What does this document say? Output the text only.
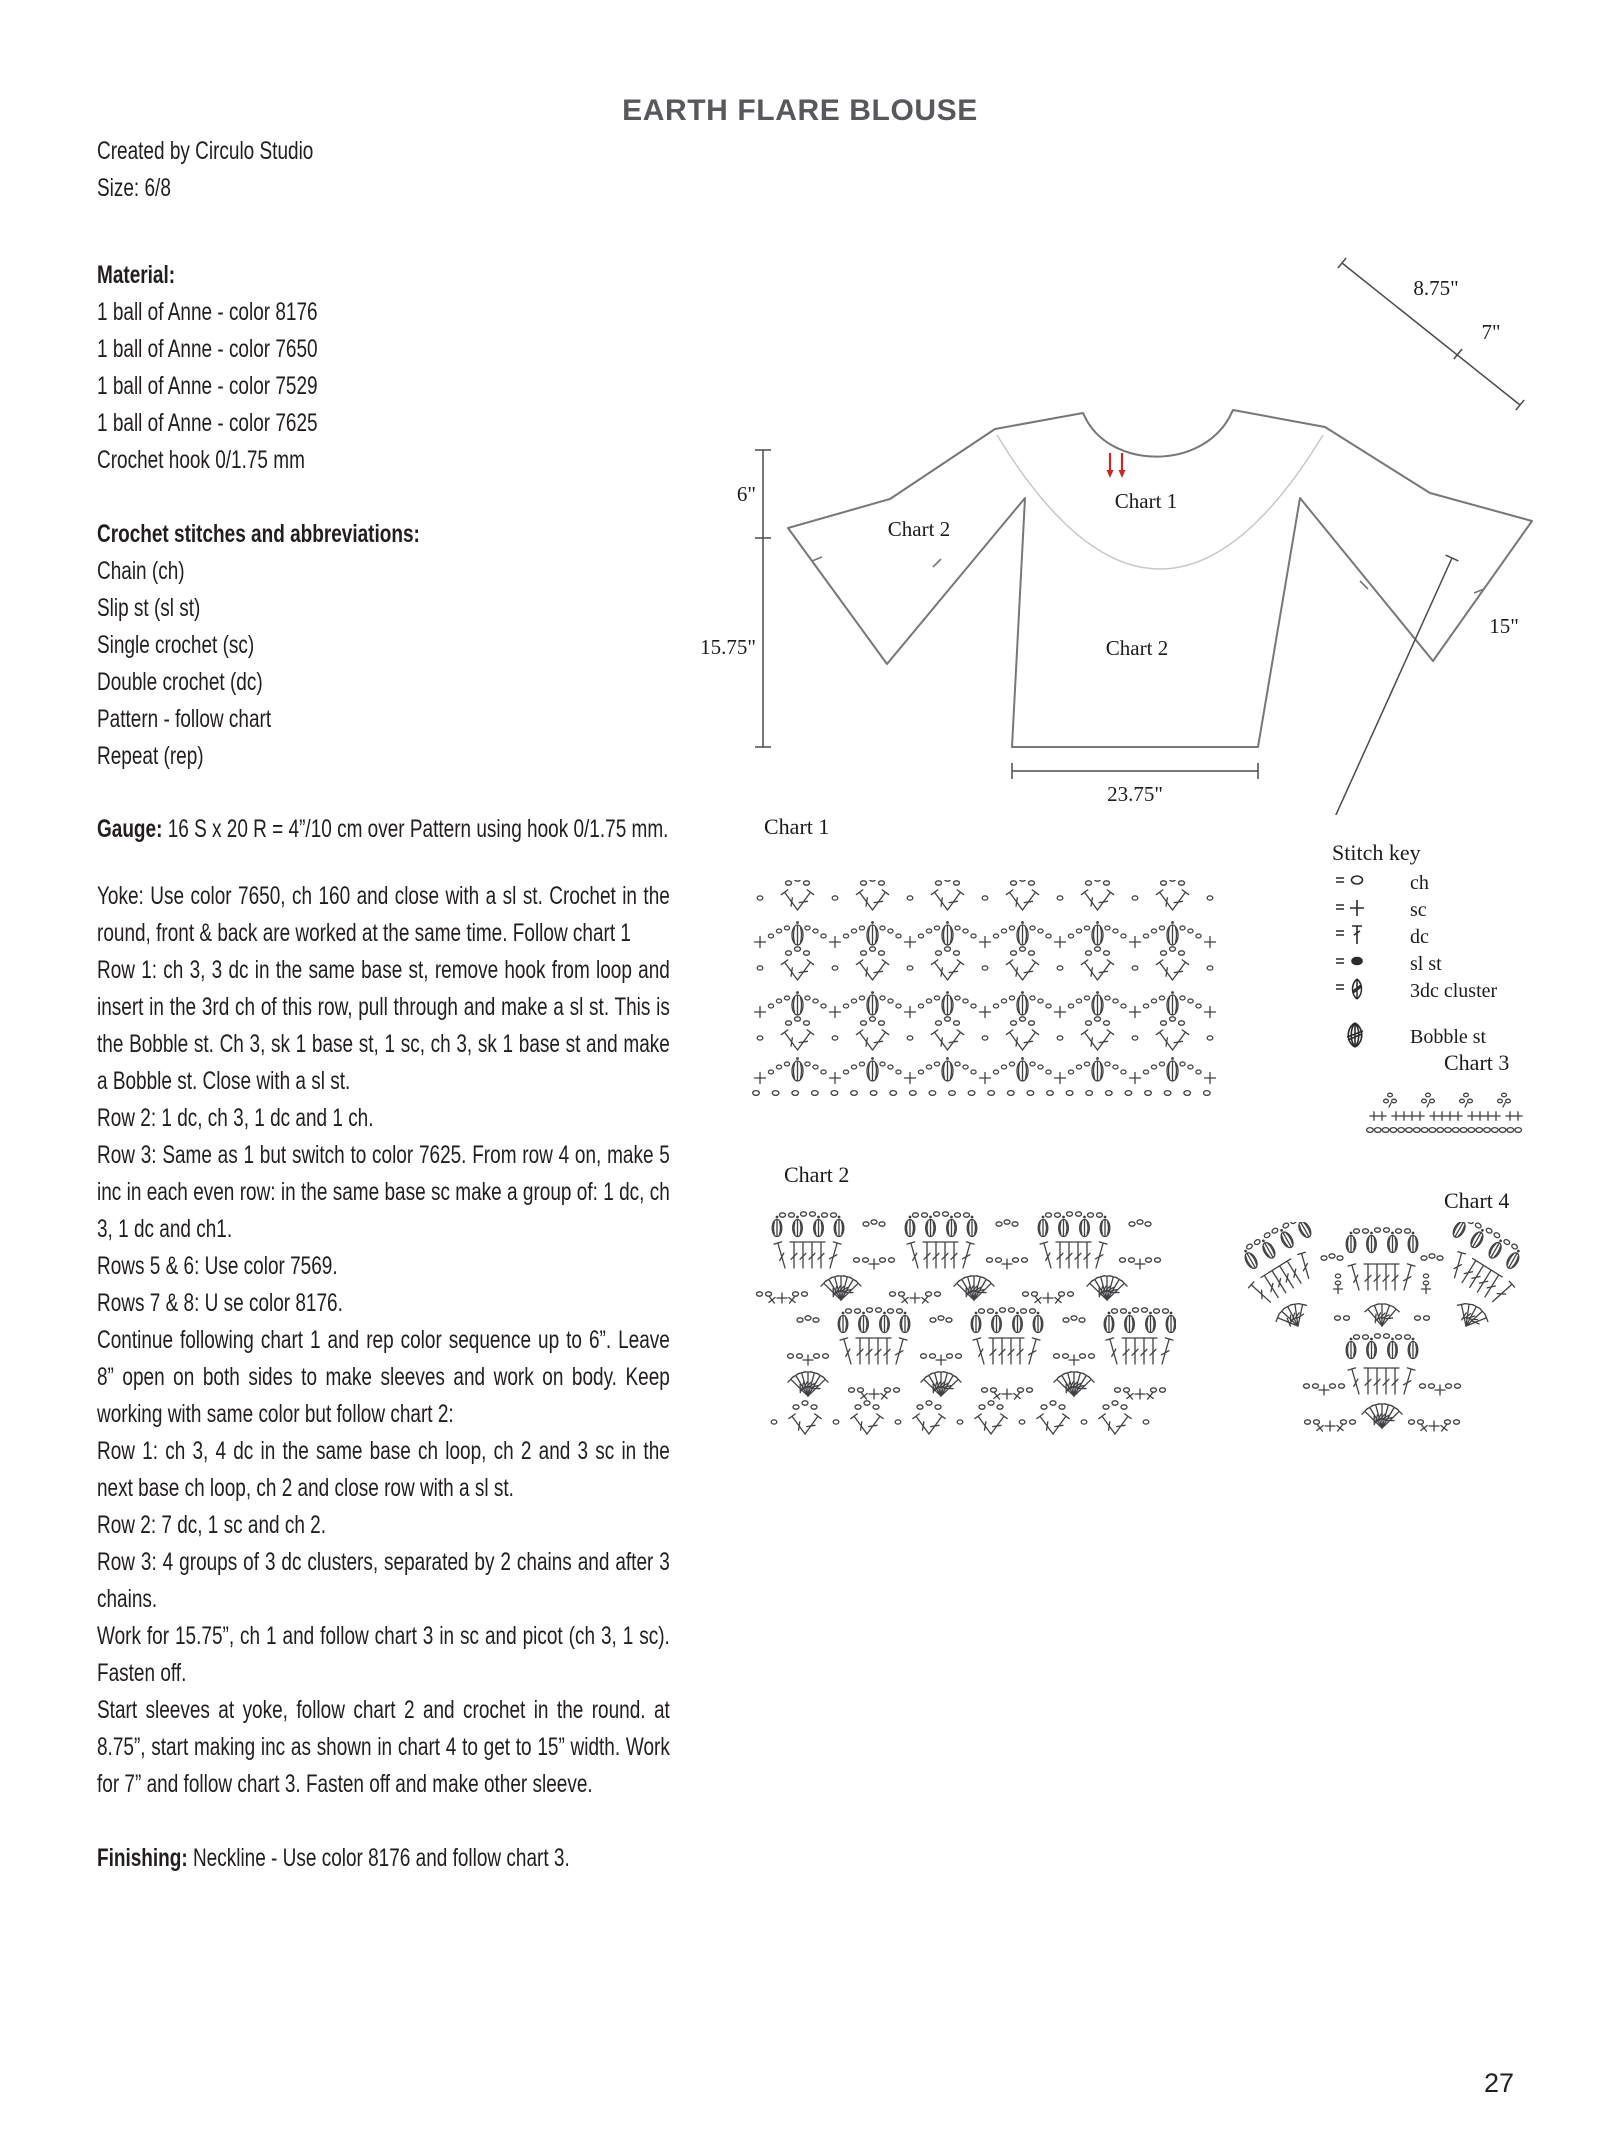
EARTH FLARE BLOUSE

Created by Circulo Studio

Size: 6/8

Material:

1 ball of Anne - color 8176

1 ball of Anne - color 7650

1 ball of Anne - color 7529

1 ball of Anne - color 7625

Crochet hook 0/1.75 mm

Crochet stitches and abbreviations:

Chain (ch)

Slip st (sl st)

Single crochet (sc)

Double crochet (dc)

Pattern - follow chart

Repeat (rep)

Gauge: 16 S x 20 R = 4”/10 cm over Pattern using hook 0/1.75 mm.

Yoke: Use color 7650, ch 160 and close with a sl st. Crochet in the round, front & back are worked at the same time. Follow chart 1

Row 1: ch 3, 3 dc in the same base st, remove hook from loop and insert in the 3rd ch of this row, pull through and make a sl st. This is the Bobble st. Ch 3, sk 1 base st, 1 sc, ch 3, sk 1 base st and make a Bobble st. Close with a sl st.

Row 2: 1 dc, ch 3, 1 dc and 1 ch.

Row 3: Same as 1 but switch to color 7625. From row 4 on, make 5 inc in each even row: in the same base sc make a group of: 1 dc, ch 3, 1 dc and ch1.

Rows 5 & 6: Use color 7569.

Rows 7 & 8: U se color 8176.

Continue following chart 1 and rep color sequence up to 6”. Leave 8” open on both sides to make sleeves and work on body. Keep working with same color but follow chart 2:

Row 1: ch 3, 4 dc in the same base ch loop, ch 2 and 3 sc in the next base ch loop, ch 2 and close row with a sl st.

Row 2: 7 dc, 1 sc and ch 2.

Row 3: 4 groups of 3 dc clusters, separated by 2 chains and after 3 chains.

Work for 15.75”, ch 1 and follow chart 3 in sc and picot (ch 3, 1 sc). Fasten off.

Start sleeves at yoke, follow chart 2 and crochet in the round. at 8.75”, start making inc as shown in chart 4 to get to 15” width. Work for 7” and follow chart 3. Fasten off and make other sleeve.

Finishing: Neckline - Use color 8176 and follow chart 3.

6"
15.75"
8.75"
7"
15"
23.75"
Chart 1
Chart 2
Chart 2
Chart 1
Chart 2
Chart 3
Chart 4
Stitch key
ch
sc
dc
sl st
3dc cluster
Bobble st
27
